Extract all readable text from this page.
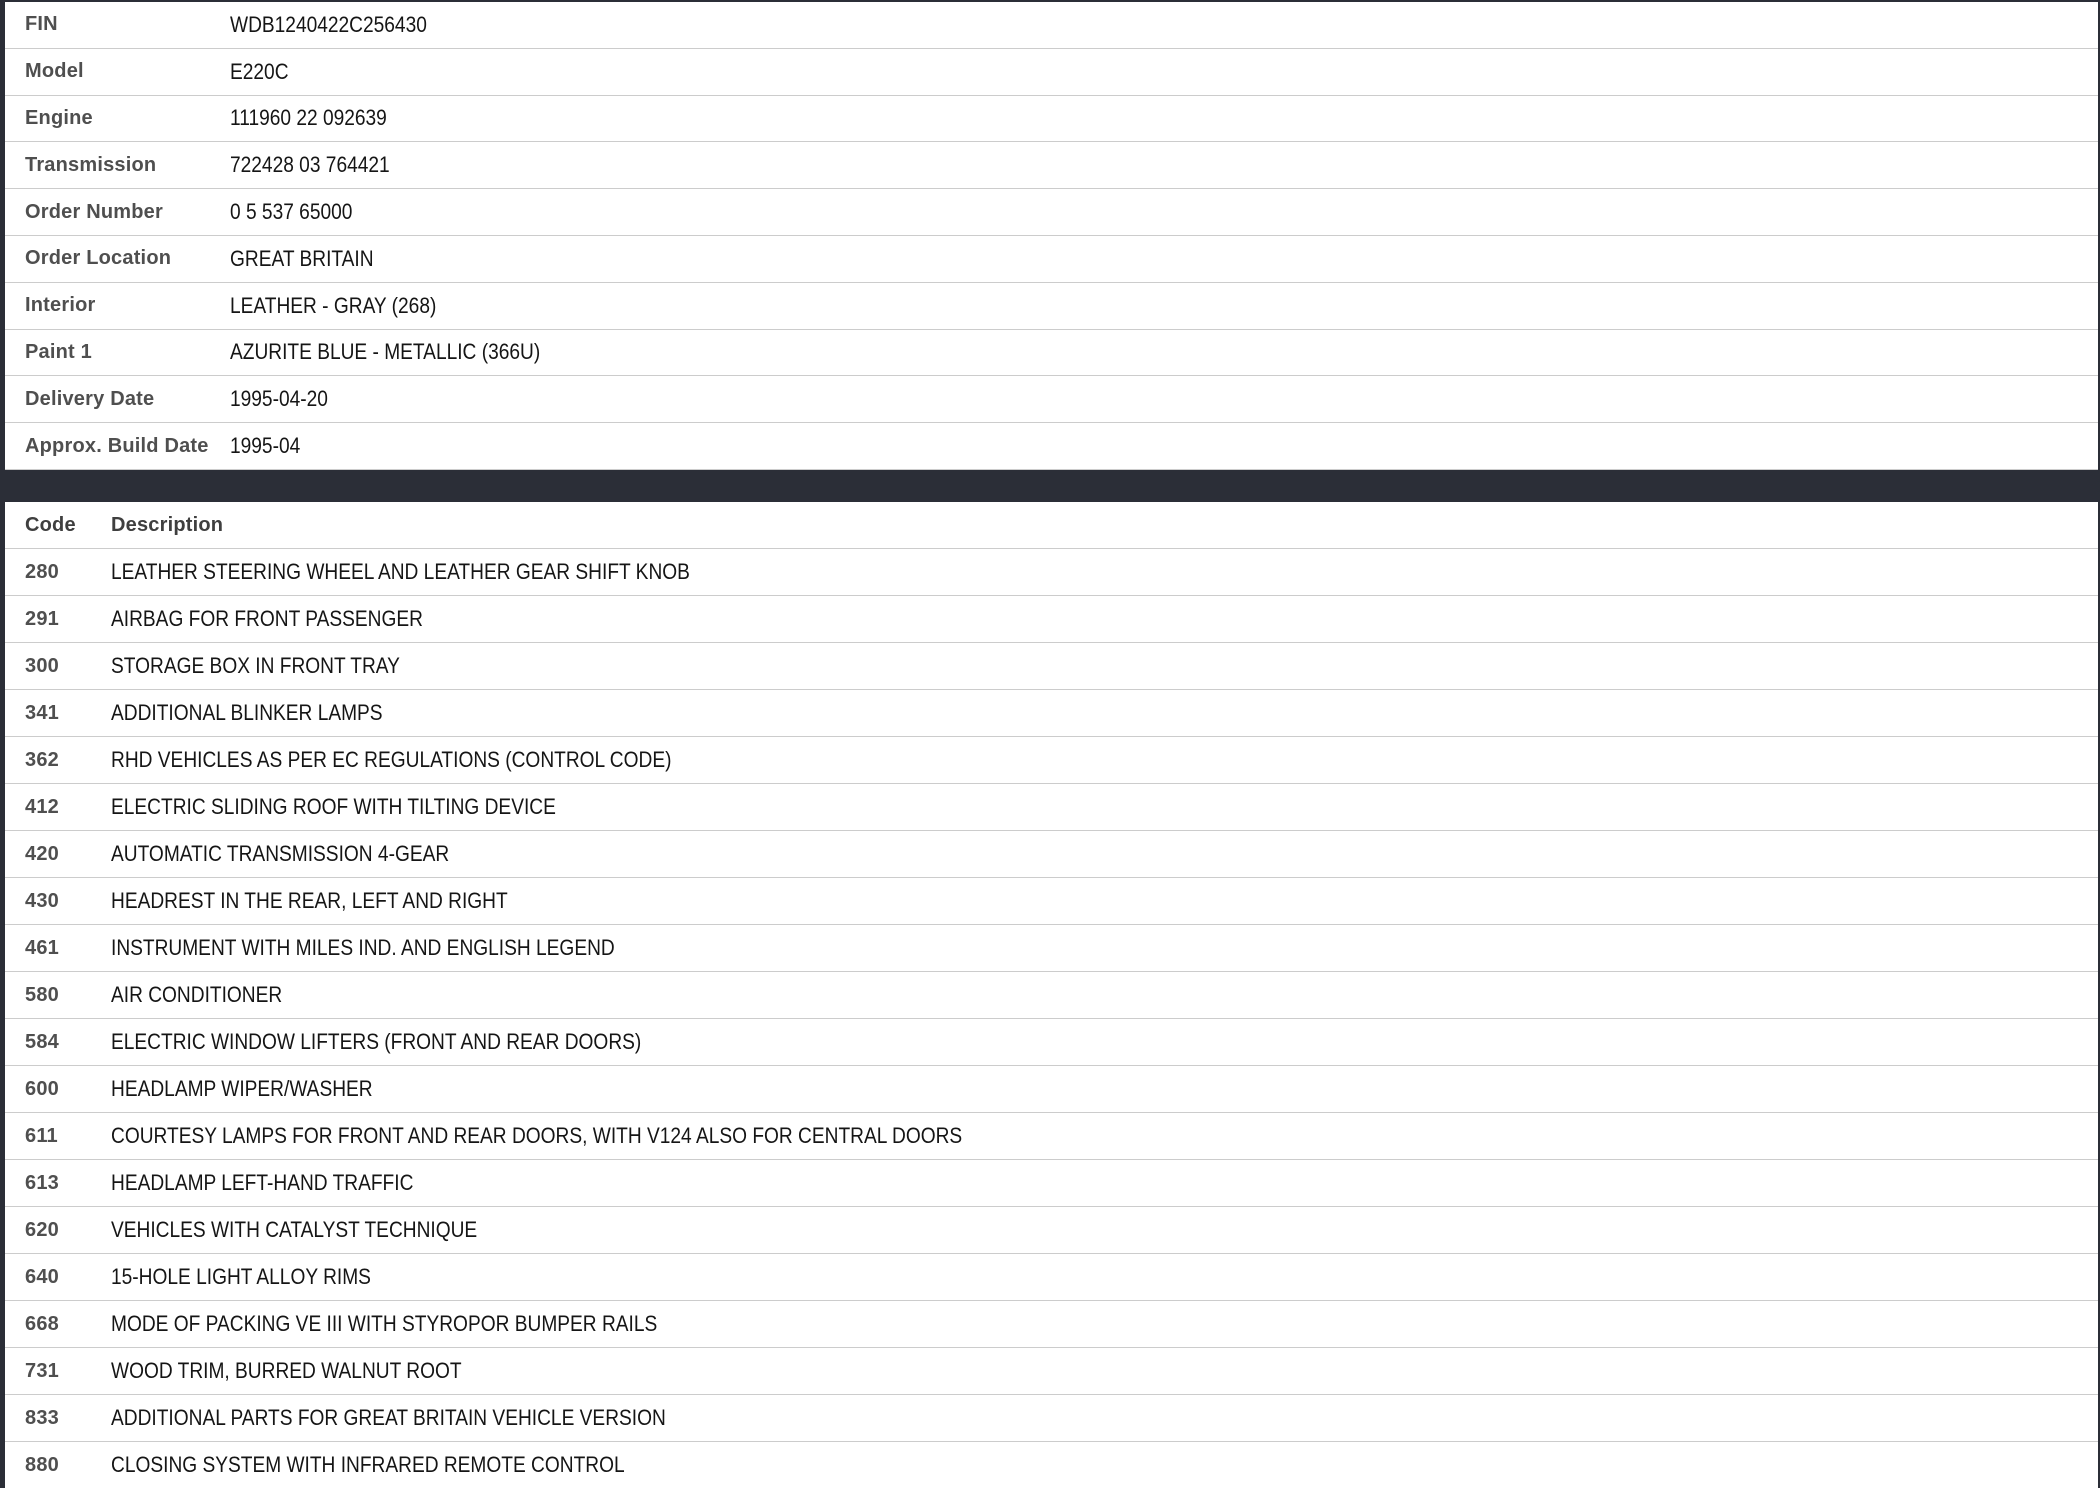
FIN	WDB1240422C256430
Model	E220C
Engine	111960 22 092639
Transmission	722428 03 764421
Order Number	0 5 537 65000
Order Location	GREAT BRITAIN
Interior	LEATHER - GRAY (268)
Paint 1	AZURITE BLUE - METALLIC (366U)
Delivery Date	1995-04-20
Approx. Build Date 1995-04
Code	Description
280	LEATHER STEERING WHEEL AND LEATHER GEAR SHIFT KNOB
291	AIRBAG FOR FRONT PASSENGER
300	STORAGE BOX IN FRONT TRAY
341	ADDITIONAL BLINKER LAMPS
362	RHD VEHICLES AS PER EC REGULATIONS (CONTROL CODE)
412	ELECTRIC SLIDING ROOF WITH TILTING DEVICE
420	AUTOMATIC TRANSMISSION 4-GEAR
430	HEADREST IN THE REAR, LEFT AND RIGHT
461	INSTRUMENT WITH MILES IND. AND ENGLISH LEGEND
580	AIR CONDITIONER
584	ELECTRIC WINDOW LIFTERS (FRONT AND REAR DOORS)
600	HEADLAMP WIPER/WASHER
611	COURTESY LAMPS FOR FRONT AND REAR DOORS, WITH V124 ALSO FOR CENTRAL DOORS
613	HEADLAMP LEFT-HAND TRAFFIC
620	VEHICLES WITH CATALYST TECHNIQUE
640	15-HOLE LIGHT ALLOY RIMS
668	MODE OF PACKING VE III WITH STYROPOR BUMPER RAILS
731	WOOD TRIM, BURRED WALNUT ROOT
833	ADDITIONAL PARTS FOR GREAT BRITAIN VEHICLE VERSION
880	CLOSING SYSTEM WITH INFRARED REMOTE CONTROL
